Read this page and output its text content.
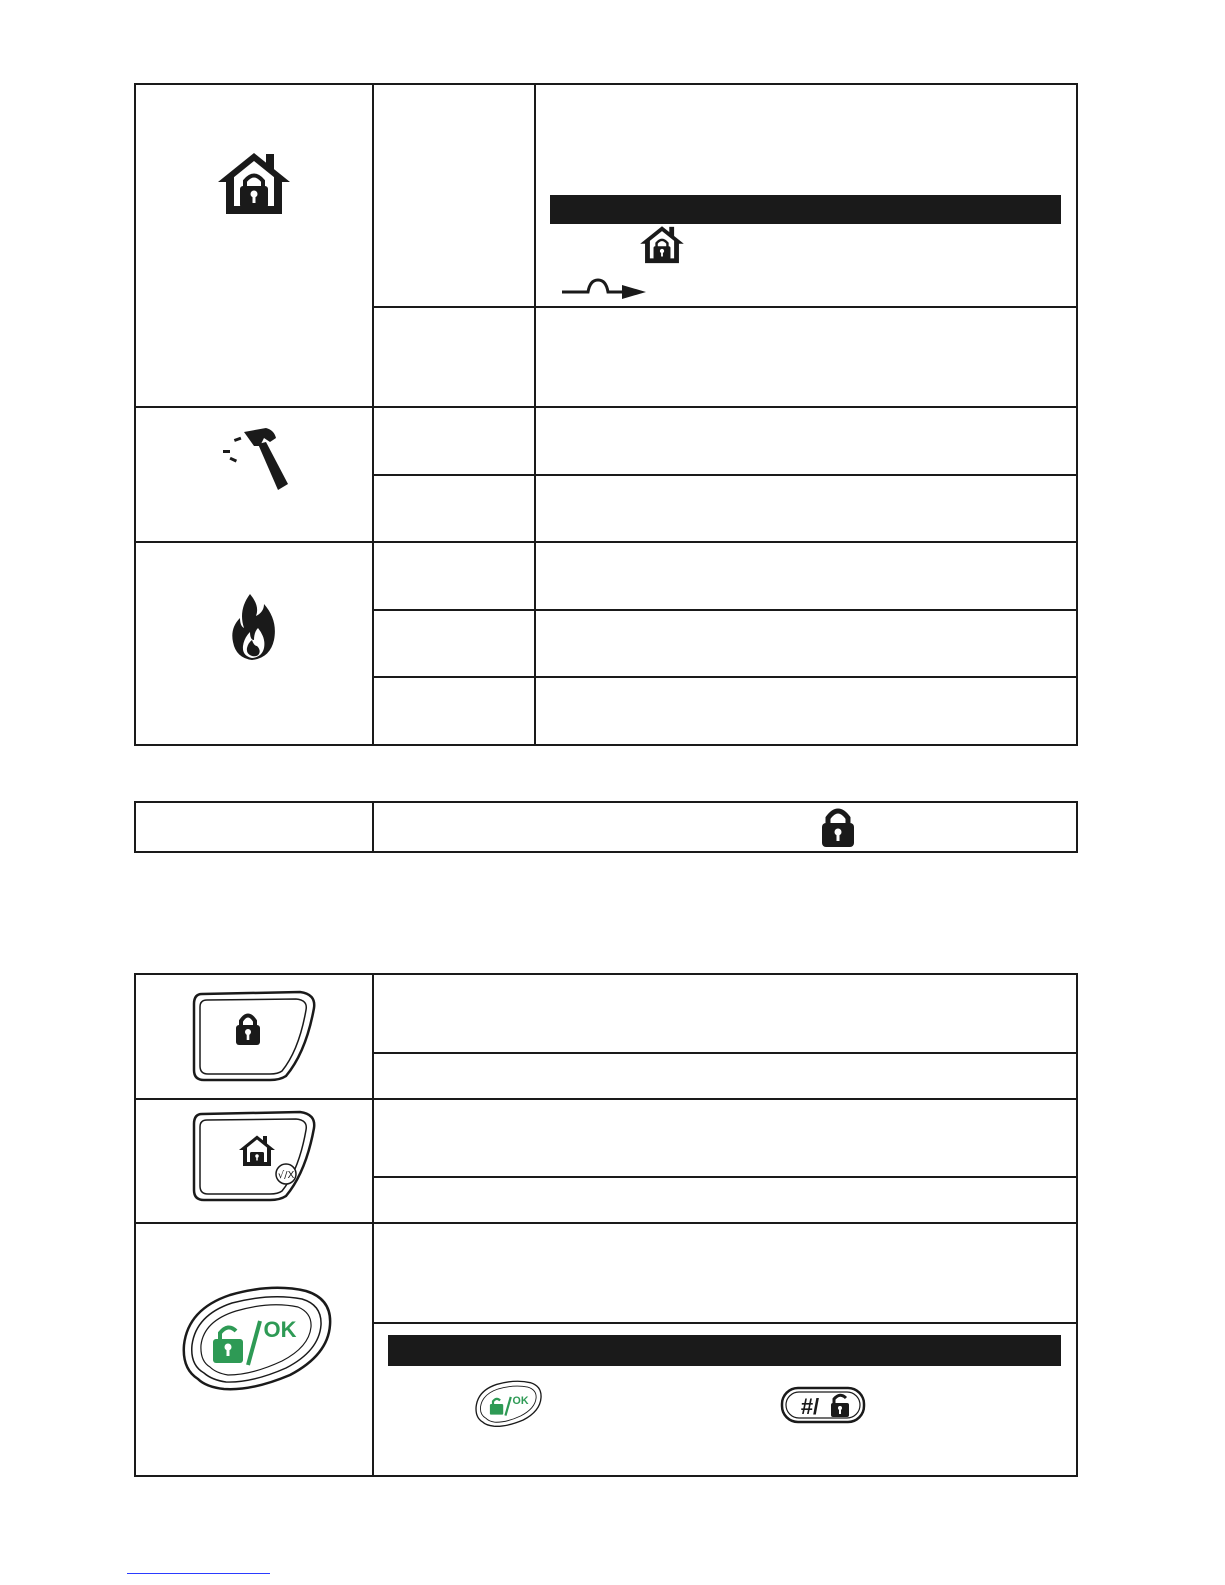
√/X
OK
OK	#/
